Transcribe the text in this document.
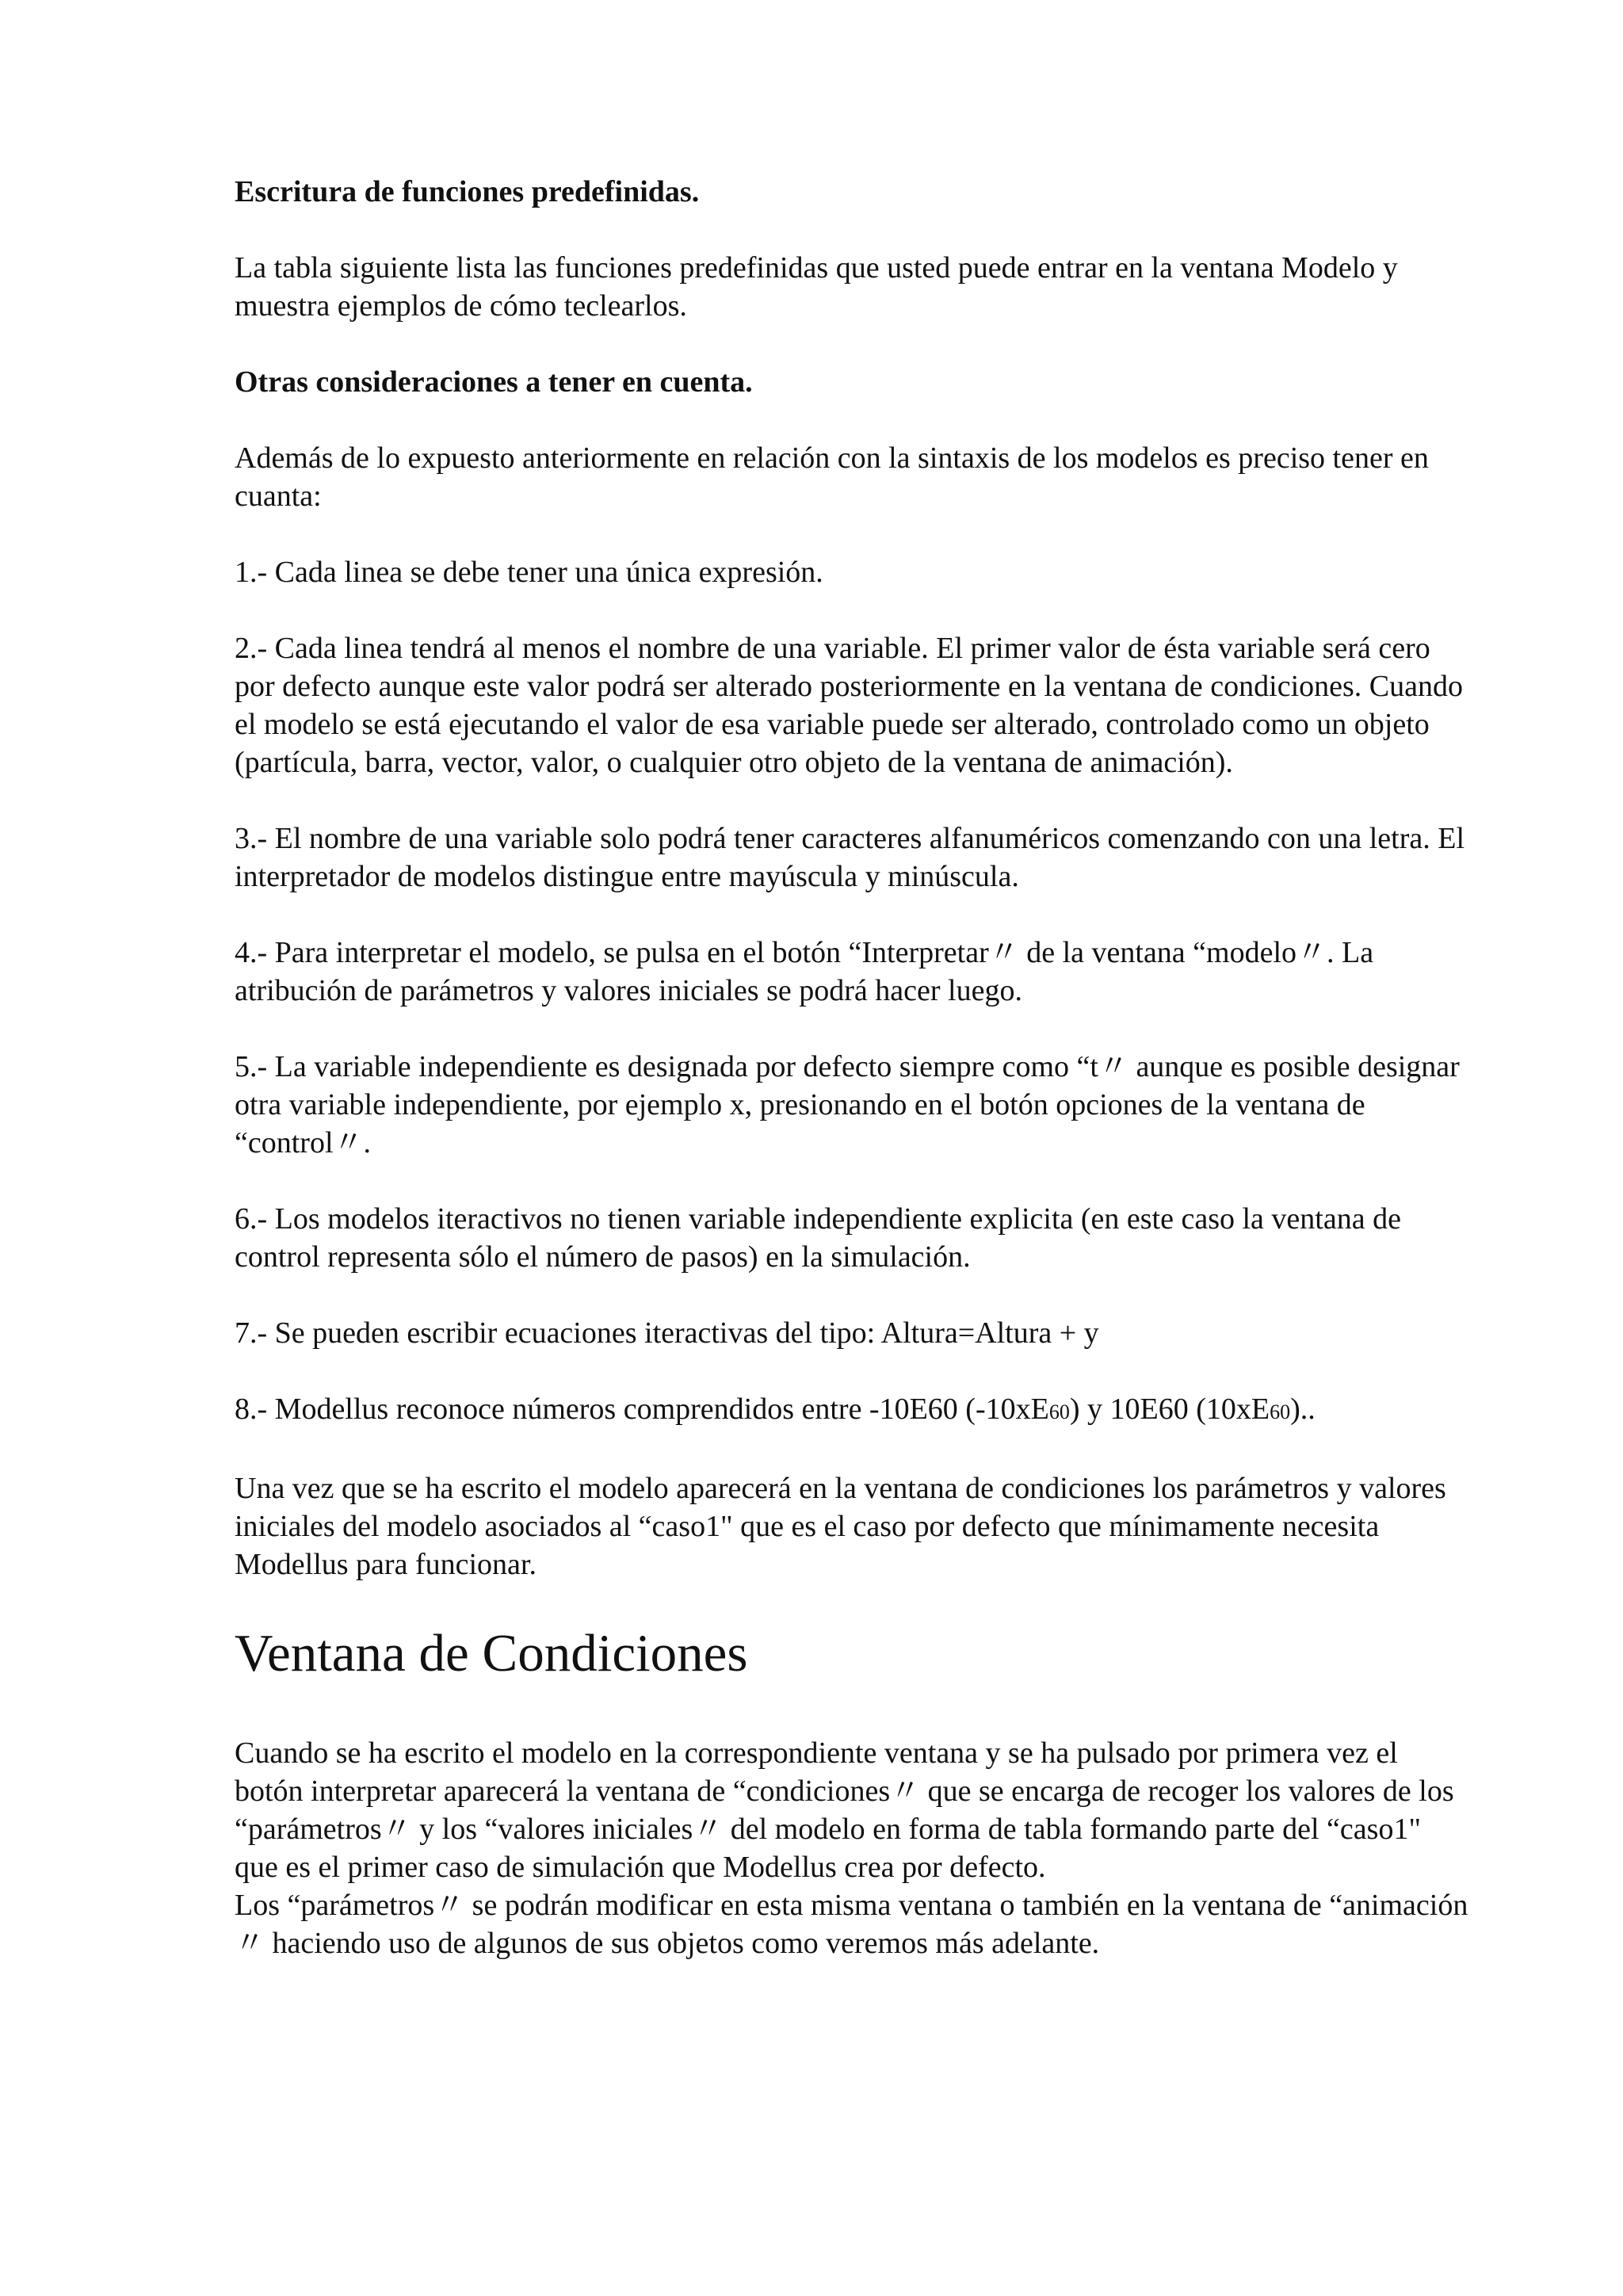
Escritura de funciones predefinidas.

La tabla siguiente lista las funciones predefinidas que usted puede entrar en la ventana Modelo y muestra ejemplos de cómo teclearlos.

Otras consideraciones a tener en cuenta.

Además de lo expuesto anteriormente en relación con la sintaxis de los modelos es preciso tener en cuanta:

1.- Cada linea se debe tener una única expresión.

2.- Cada linea tendrá al menos el nombre de una variable. El primer valor de ésta variable será cero por defecto aunque este valor podrá ser alterado posteriormente en la ventana de condiciones. Cuando el modelo se está ejecutando el valor de esa variable puede ser alterado, controlado como un objeto (partícula, barra, vector, valor, o cualquier otro objeto de la ventana de animación).

3.- El nombre de una variable solo podrá tener caracteres alfanuméricos comenzando con una letra. El interpretador de modelos distingue entre mayúscula y minúscula.

4.- Para interpretar el modelo, se pulsa en el botón “Interpretar〃 de la ventana “modelo〃. La atribución de parámetros y valores iniciales se podrá hacer luego.

5.- La variable independiente es designada por defecto siempre como “t〃 aunque es posible designar otra variable independiente, por ejemplo x, presionando en el botón opciones de la ventana de “control〃.

6.- Los modelos iteractivos no tienen variable independiente explicita (en este caso la ventana de control representa sólo el número de pasos) en la simulación.

7.- Se pueden escribir ecuaciones iteractivas del tipo: Altura=Altura + y

8.- Modellus reconoce números comprendidos entre -10E60 (-10xE60) y 10E60 (10xE60)..

Una vez que se ha escrito el modelo aparecerá en la ventana de condiciones los parámetros y valores iniciales del modelo asociados al “caso1" que es el caso por defecto que mínimamente necesita Modellus para funcionar.

Ventana de Condiciones

Cuando se ha escrito el modelo en la correspondiente ventana y se ha pulsado por primera vez el botón interpretar aparecerá la ventana de “condiciones〃 que se encarga de recoger los valores de los “parámetros〃 y los “valores iniciales〃 del modelo en forma de tabla formando parte del “caso1" que es el primer caso de simulación que Modellus crea por defecto.

Los “parámetros〃 se podrán modificar en esta misma ventana o también en la ventana de “animación〃 haciendo uso de algunos de sus objetos como veremos más adelante.
